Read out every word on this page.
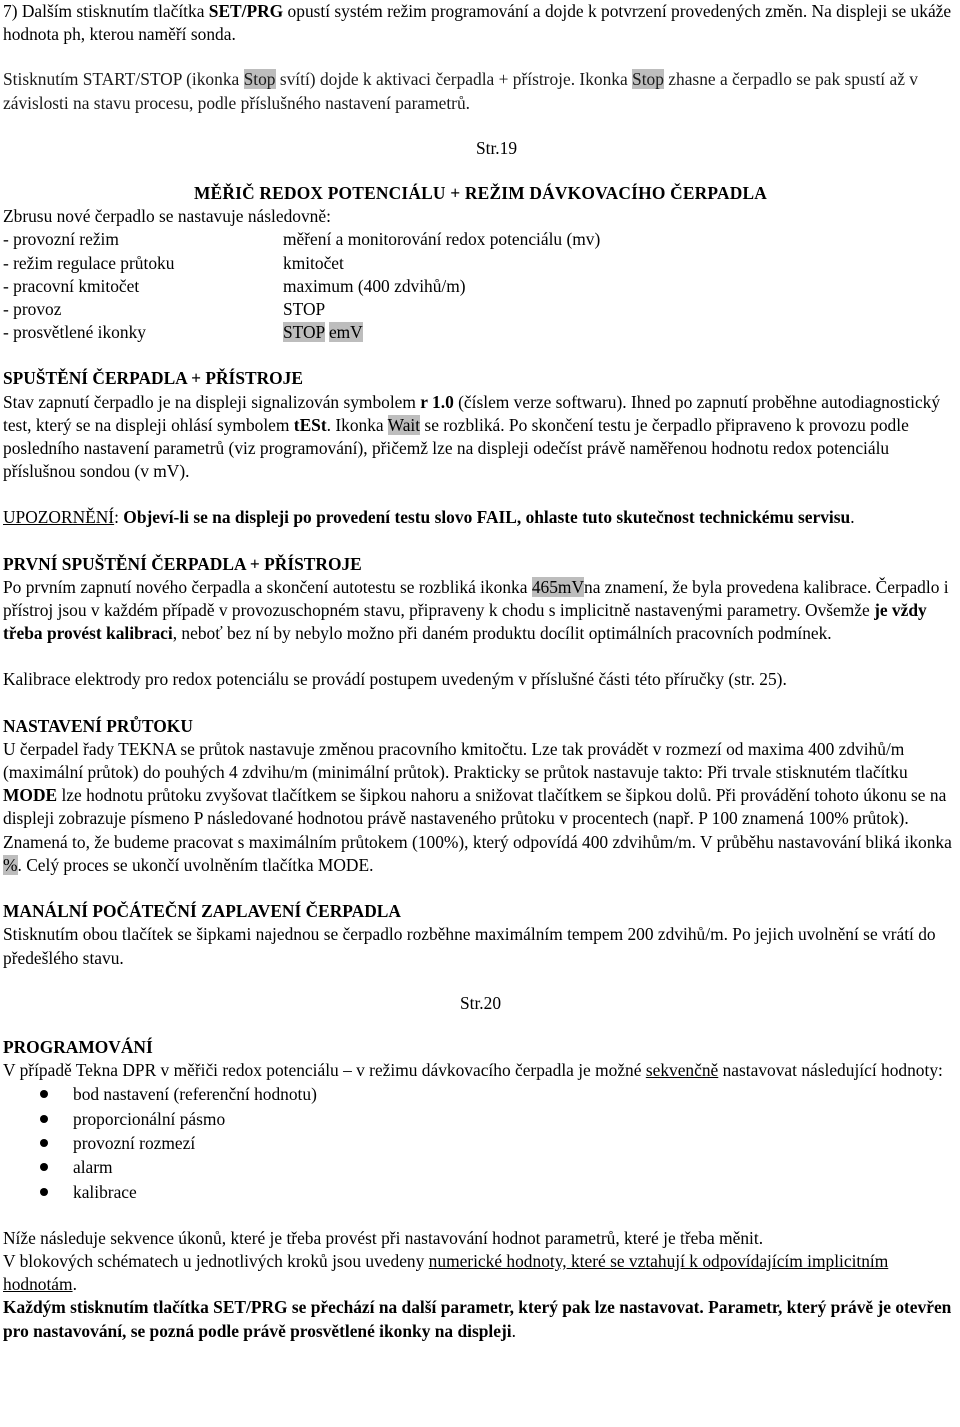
7) Dalším stisknutím tlačítka SET/PRG opustí systém režim programování a dojde k potvrzení provedených změn. Na displeji se ukáže hodnota ph, kterou naměří sonda.

Stisknutím START/STOP (ikonka Stop svítí) dojde k aktivaci čerpadla + přístroje. Ikonka Stop zhasne a čerpadlo se pak spustí až v závislosti na stavu procesu, podle příslušného nastavení parametrů.

Str.19

MĚŘIČ REDOX POTENCIÁLU + REŽIM DÁVKOVACÍHO ČERPADLA

Zbrusu nové čerpadlo se nastavuje následovně:

- provozní režim	měření a monitorování redox potenciálu (mv)
- režim regulace průtoku	kmitočet
- pracovní kmitočet	maximum (400 zdvihů/m)
- provoz	STOP
- prosvětlené ikonky	STOP emV
SPUŠTĚNÍ ČERPADLA + PŘÍSTROJE

Stav zapnutí čerpadlo je na displeji signalizován symbolem r 1.0 (číslem verze softwaru). Ihned po zapnutí proběhne autodiagnostický test, který se na displeji ohlásí symbolem tESt. Ikonka Wait se rozbliká. Po skončení testu je čerpadlo připraveno k provozu podle posledního nastavení parametrů (viz programování), přičemž lze na displeji odečíst právě naměřenou hodnotu redox potenciálu příslušnou sondou (v mV).

UPOZORNĚNÍ: Objeví-li se na displeji po provedení testu slovo FAIL, ohlaste tuto skutečnost technickému servisu.

PRVNÍ SPUŠTĚNÍ ČERPADLA + PŘÍSTROJE

Po prvním zapnutí nového čerpadla a skončení autotestu se rozbliká ikonka 465mVna znamení, že byla provedena kalibrace. Čerpadlo i přístroj jsou v každém případě v provozuschopném stavu, připraveny k chodu s implicitně nastavenými parametry. Ovšemže je vždy třeba provést kalibraci, neboť bez ní by nebylo možno při daném produktu docílit optimálních pracovních podmínek.

Kalibrace elektrody pro redox potenciálu se provádí postupem uvedeným v příslušné části této příručky (str. 25).

NASTAVENÍ PRŮTOKU

U čerpadel řady TEKNA se průtok nastavuje změnou pracovního kmitočtu. Lze tak provádět v rozmezí od maxima 400 zdvihů/m (maximální průtok) do pouhých 4 zdvihu/m (minimální průtok). Prakticky se průtok nastavuje takto: Při trvale stisknutém tlačítku MODE lze hodnotu průtoku zvyšovat tlačítkem se šipkou nahoru a snižovat tlačítkem se šipkou dolů. Při provádění tohoto úkonu se na displeji zobrazuje písmeno P následované hodnotou právě nastaveného průtoku v procentech (např. P 100 znamená 100% průtok). Znamená to, že budeme pracovat s maximálním průtokem (100%), který odpovídá 400 zdvihům/m. V průběhu nastavování bliká ikonka %. Celý proces se ukončí uvolněním tlačítka MODE.

MANÁLNÍ POČÁTEČNÍ ZAPLAVENÍ ČERPADLA

Stisknutím obou tlačítek se šipkami najednou se čerpadlo rozběhne maximálním tempem 200 zdvihů/m. Po jejich uvolnění se vrátí do předešlého stavu.

Str.20

PROGRAMOVÁNÍ

V případě Tekna DPR v měřiči redox potenciálu – v režimu dávkovacího čerpadla je možné sekvenčně nastavovat následující hodnoty:

bod nastavení (referenční hodnotu)
proporcionální pásmo
provozní rozmezí
alarm
kalibrace

Níže následuje sekvence úkonů, které je třeba provést při nastavování hodnot parametrů, které je třeba měnit.

V blokových schématech u jednotlivých kroků jsou uvedeny numerické hodnoty, které se vztahují k odpovídajícím implicitním hodnotám.

Každým stisknutím tlačítka SET/PRG se přechází na další parametr, který pak lze nastavovat. Parametr, který právě je otevřen pro nastavování, se pozná podle právě prosvětlené ikonky na displeji.
